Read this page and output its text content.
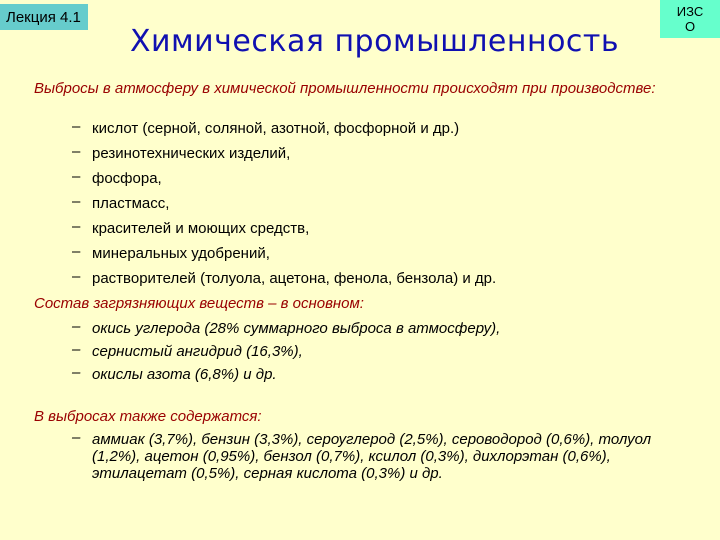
Лекция 4.1	ИЗС
О
Химическая промышленность
Выбросы в атмосферу в химической промышленности происходят при производстве:
– кислот (серной, соляной, азотной, фосфорной и др.)
– резинотехнических изделий,
– фосфора,
– пластмасс,
– красителей и моющих средств,
– минеральных удобрений,
– растворителей (толуола, ацетона, фенола, бензола) и др.
Состав загрязняющих веществ – в основном:
– окись углерода (28% суммарного выброса в атмосферу),
– сернистый ангидрид (16,3%),
– окислы азота (6,8%) и др.
В выбросах также содержатся:
– аммиак (3,7%), бензин (3,3%), сероуглерод (2,5%), сероводород (0,6%), толуол (1,2%), ацетон (0,95%), бензол (0,7%), ксилол (0,3%), дихлорэтан (0,6%), этилацетат (0,5%), серная кислота (0,3%) и др.
